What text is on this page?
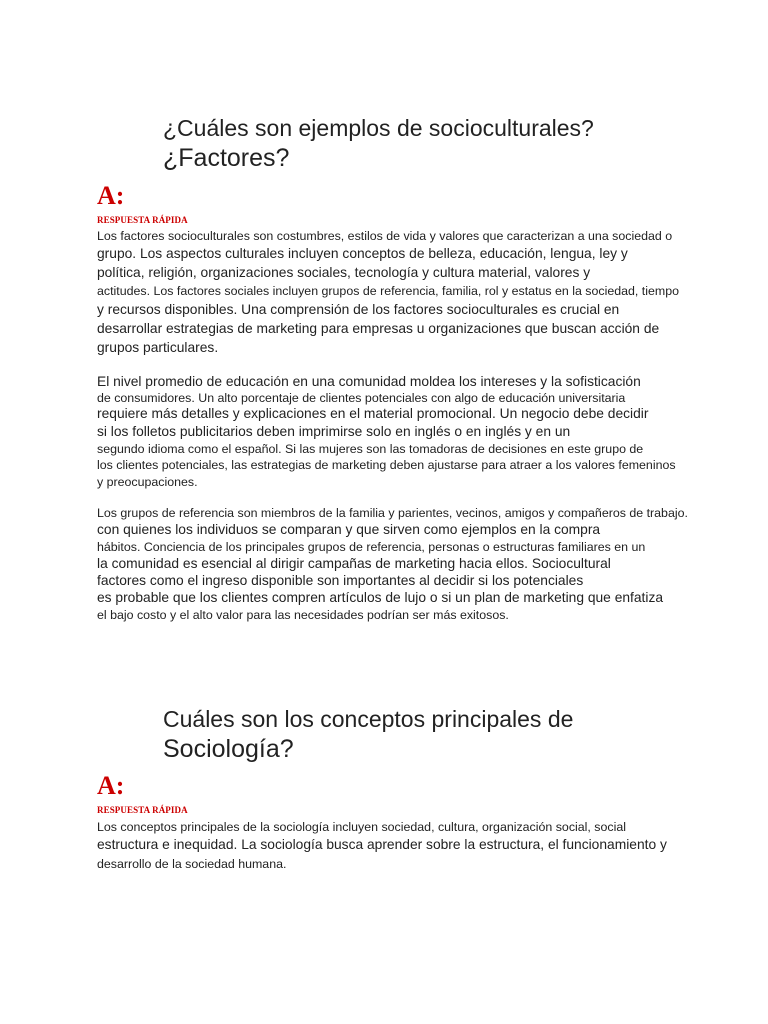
¿Cuáles son ejemplos de socioculturales?
¿Factores?
A:
RESPUESTA RÁPIDA

Los factores socioculturales son costumbres, estilos de vida y valores que caracterizan a una sociedad o

grupo. Los aspectos culturales incluyen conceptos de belleza, educación, lengua, ley y

política, religión, organizaciones sociales, tecnología y cultura material, valores y

actitudes. Los factores sociales incluyen grupos de referencia, familia, rol y estatus en la sociedad, tiempo

y recursos disponibles. Una comprensión de los factores socioculturales es crucial en

desarrollar estrategias de marketing para empresas u organizaciones que buscan acción de

grupos particulares.

El nivel promedio de educación en una comunidad moldea los intereses y la sofisticación

de consumidores. Un alto porcentaje de clientes potenciales con algo de educación universitaria

requiere más detalles y explicaciones en el material promocional. Un negocio debe decidir

si los folletos publicitarios deben imprimirse solo en inglés o en inglés y en un

segundo idioma como el español. Si las mujeres son las tomadoras de decisiones en este grupo de

los clientes potenciales, las estrategias de marketing deben ajustarse para atraer a los valores femeninos

y preocupaciones.

Los grupos de referencia son miembros de la familia y parientes, vecinos, amigos y compañeros de trabajo.

con quienes los individuos se comparan y que sirven como ejemplos en la compra

hábitos. Conciencia de los principales grupos de referencia, personas o estructuras familiares en un

la comunidad es esencial al dirigir campañas de marketing hacia ellos. Sociocultural

factores como el ingreso disponible son importantes al decidir si los potenciales

es probable que los clientes compren artículos de lujo o si un plan de marketing que enfatiza

el bajo costo y el alto valor para las necesidades podrían ser más exitosos.

Cuáles son los conceptos principales de
Sociología?
A:
RESPUESTA RÁPIDA

Los conceptos principales de la sociología incluyen sociedad, cultura, organización social, social

estructura e inequidad. La sociología busca aprender sobre la estructura, el funcionamiento y

desarrollo de la sociedad humana.
